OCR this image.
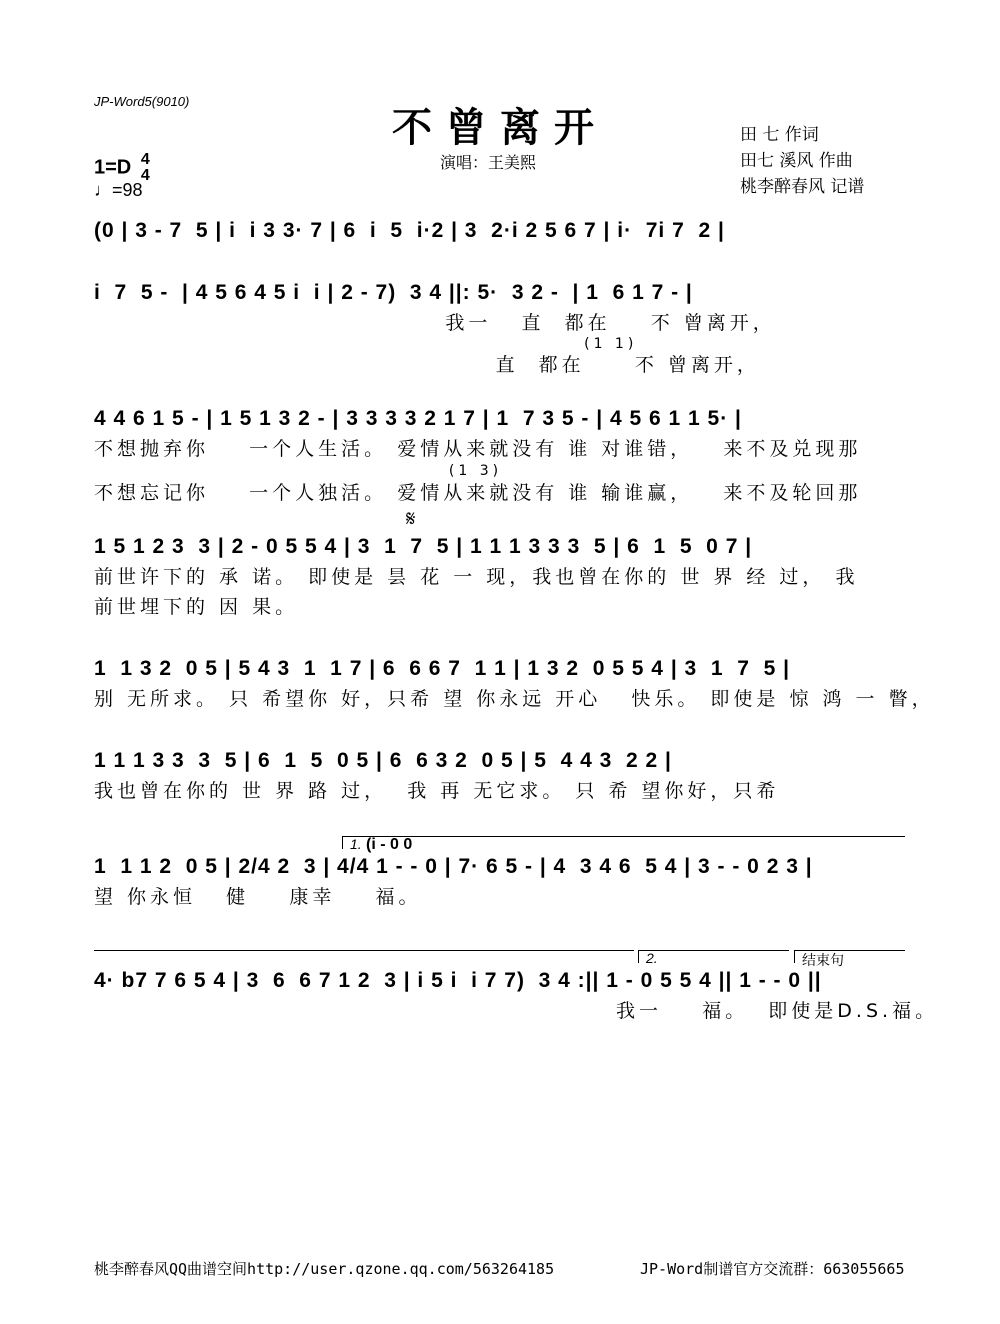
JP-Word5(9010)
不曾离开
1=D 4
4
♩=98
演唱：王美熙
田 七 作词
田七 溪风 作曲
桃李醉春风 记谱
(0 | 3 - 7  5 | i  i 3 3· 7 | 6  i  5  i·2 | 3  2·i 2 5 6 7 | i·  7i 7  2 |
i  7  5 -  | 4 5 6 4 5 i  i | 2 - 7)  3 4 ||: 5·  3 2 -  | 1  6 1 7 - |
我一   直  都在    不 曾离开，
(1 1)
直  都在     不 曾离开，
4 4 6 1 5 - | 1 5 1 3 2 - | 3 3 3 3 2 1 7 | 1  7 3 5 - | 4 5 6 1 1 5· |
不想抛弃你    一个人生活。 爱情从来就没有 谁 对谁错，   来不及兑现那
(1 3)
不想忘记你    一个人独活。 爱情从来就没有 谁 输谁赢，   来不及轮回那
𝄋
1 5 1 2 3  3 | 2 - 0 5 5 4 | 3  1  7  5 | 1 1 1 3 3 3  5 | 6  1  5  0 7 |
前世许下的 承 诺。 即使是 昙 花 一 现，我也曾在你的 世 界 经 过， 我
前世埋下的 因 果。
1  1 3 2  0 5 | 5 4 3  1  1 7 | 6  6 6 7  1 1 | 1 3 2  0 5 5 4 | 3  1  7  5 |
别 无所求。 只 希望你 好，只希 望 你永远 开心   快乐。 即使是 惊 鸿 一 瞥，
1 1 1 3 3  3  5 | 6  1  5  0 5 | 6  6 3 2  0 5 | 5  4 4 3  2 2 |
我也曾在你的 世 界 路 过，  我 再 无它求。 只 希 望你好，只希
1. (i - 0 0
1  1 1 2  0 5 | 2/4 2  3 | 4/4 1 - - 0 | 7· 6 5 - | 4  3 4 6  5 4 | 3 - - 0 2 3 |
望 你永恒   健    康幸    福。
2.	结束句
4· b7 7 6 5 4 | 3  6  6 7 1 2  3 | i 5 i  i 7 7)  3 4 :|| 1 - 0 5 5 4 || 1 - - 0 ||
我一    福。  即使是D.S.福。
桃李醉春风QQ曲谱空间http://user.qzone.qq.com/563264185	JP-Word制谱官方交流群：663055665
